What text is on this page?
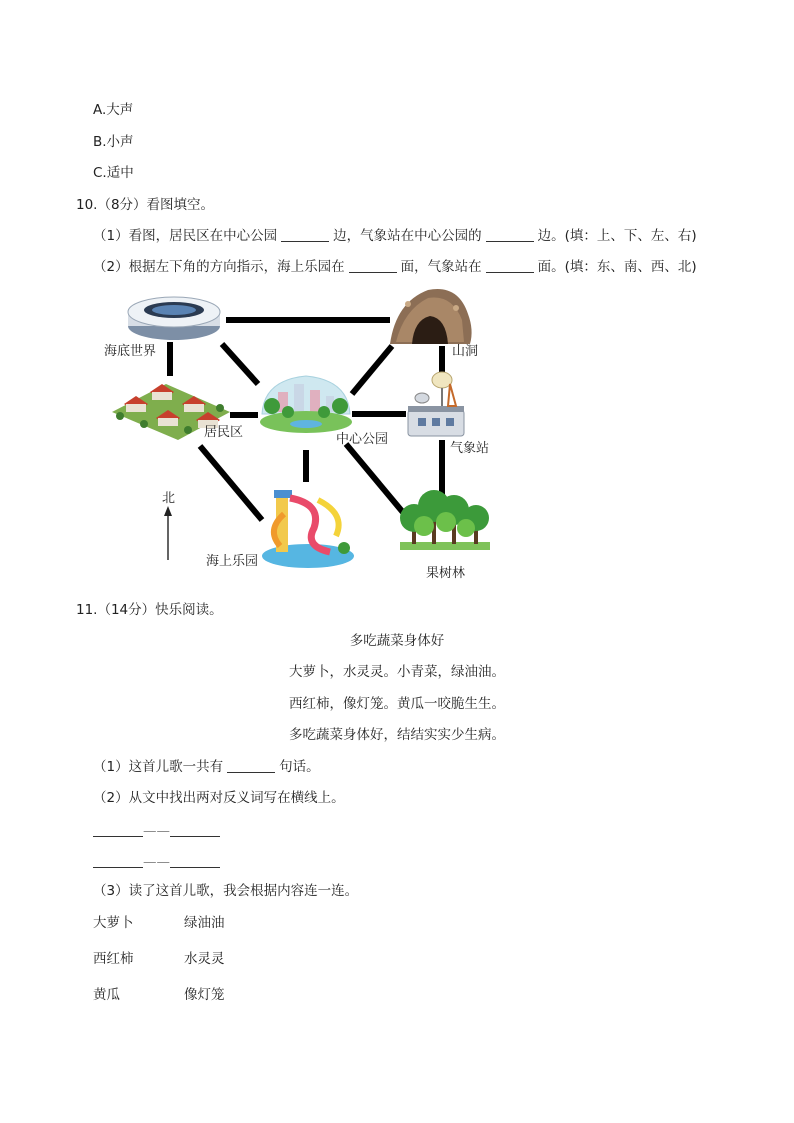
A.大声
B.小声
C.适中
10.（8分）看图填空。
（1）看图，居民区在中心公园	边，气象站在中心公园的	边。(填：上、下、左、右)
（2）根据左下角的方向指示，海上乐园在	面，气象站在	面。(填：东、南、西、北)
北
海底世界	山洞
居民区	中心公园
气象站
海上乐园
果树林
11.（14分）快乐阅读。
多吃蔬菜身体好
大萝卜，水灵灵。小青菜，绿油油。
西红柿，像灯笼。黄瓜一咬脆生生。
多吃蔬菜身体好，结结实实少生病。
（1）这首儿歌一共有	句话。
（2）从文中找出两对反义词写在横线上。
——
——
（3）读了这首儿歌，我会根据内容连一连。
大萝卜	绿油油
西红柿	水灵灵
黄瓜	像灯笼
